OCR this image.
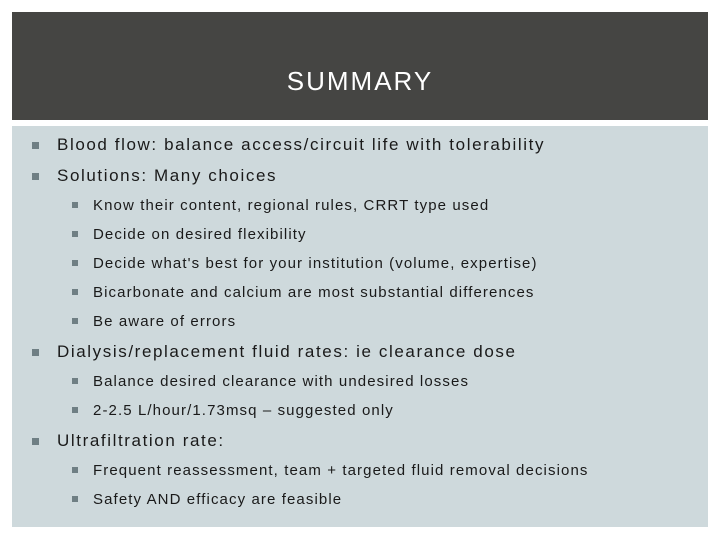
SUMMARY
Blood flow: balance access/circuit life with tolerability
Solutions: Many choices
Know their content, regional rules, CRRT type used
Decide on desired flexibility
Decide what's best for your institution (volume, expertise)
Bicarbonate and calcium are most substantial differences
Be aware of errors
Dialysis/replacement fluid rates: ie clearance dose
Balance desired clearance with undesired losses
2-2.5 L/hour/1.73msq – suggested only
Ultrafiltration rate:
Frequent reassessment, team + targeted fluid removal decisions
Safety AND efficacy are feasible
